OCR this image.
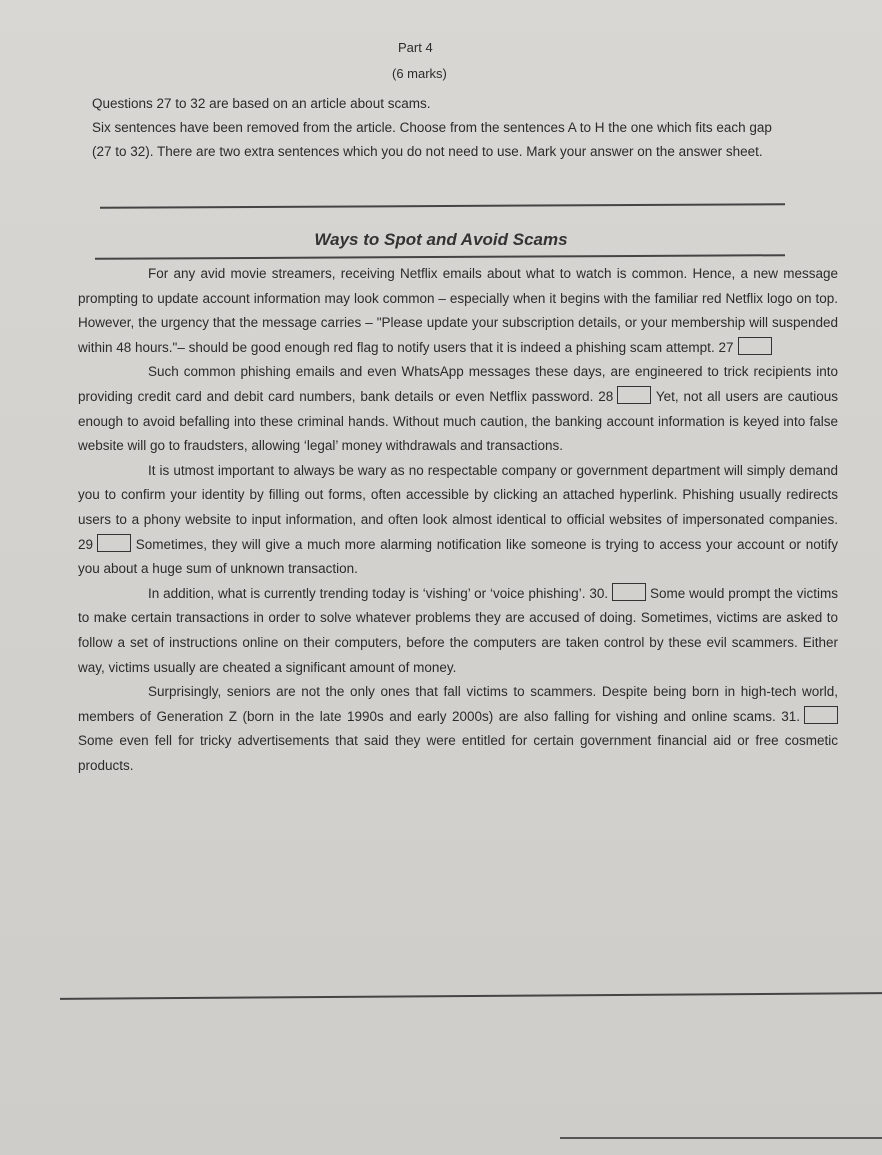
Part 4
(6 marks)

Questions 27 to 32 are based on an article about scams.

Six sentences have been removed from the article. Choose from the sentences A to H the one which fits each gap (27 to 32). There are two extra sentences which you do not need to use. Mark your answer on the answer sheet.

Ways to Spot and Avoid Scams

For any avid movie streamers, receiving Netflix emails about what to watch is common. Hence, a new message prompting to update account information may look common – especially when it begins with the familiar red Netflix logo on top. However, the urgency that the message carries – "Please update your subscription details, or your membership will suspended within 48 hours."– should be good enough red flag to notify users that it is indeed a phishing scam attempt. 27

Such common phishing emails and even WhatsApp messages these days, are engineered to trick recipients into providing credit card and debit card numbers, bank details or even Netflix password. 28	Yet, not all users are cautious enough to avoid befalling into these criminal hands. Without much caution, the banking account information is keyed into false website will go to fraudsters, allowing ‘legal’ money withdrawals and transactions.

It is utmost important to always be wary as no respectable company or government department will simply demand you to confirm your identity by filling out forms, often accessible by clicking an attached hyperlink. Phishing usually redirects users to a phony website to input information, and often look almost identical to official websites of impersonated companies. 29	Sometimes, they will give a much more alarming notification like someone is trying to access your account or notify you about a huge sum of unknown transaction.

In addition, what is currently trending today is ‘vishing’ or ‘voice phishing’. 30.	Some would prompt the victims to make certain transactions in order to solve whatever problems they are accused of doing. Sometimes, victims are asked to follow a set of instructions online on their computers, before the computers are taken control by these evil scammers. Either way, victims usually are cheated a significant amount of money.

Surprisingly, seniors are not the only ones that fall victims to scammers. Despite being born in high-tech world, members of Generation Z (born in the late 1990s and early 2000s) are also falling for vishing and online scams. 31. Some even fell for tricky advertisements that said they were entitled for certain government financial aid or free cosmetic products.
